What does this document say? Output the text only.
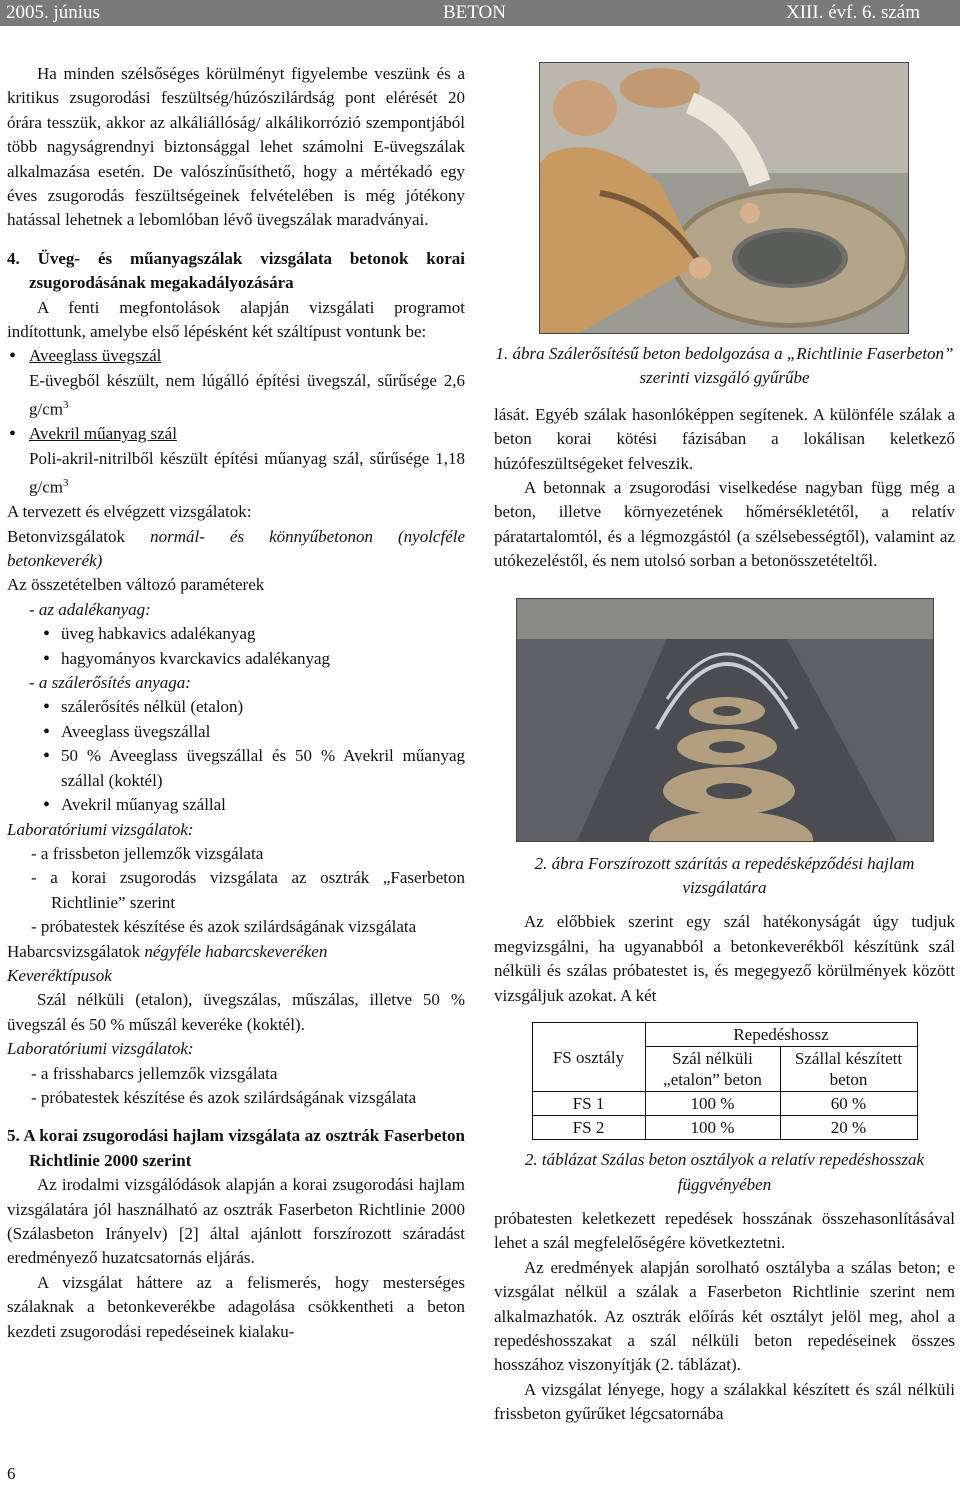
2005. június	BETON	XIII. évf. 6. szám

Ha minden szélsőséges körülményt figyelembe veszünk és a kritikus zsugorodási feszültség/húzószilárdság pont elérését 20 órára tesszük, akkor az alkáliállóság/ alkálikorrózió szempontjából több nagyságrendnyi biztonsággal lehet számolni E-üvegszálak alkalmazása esetén. De valószínűsíthető, hogy a mértékadó egy éves zsugorodás feszültségeinek felvételében is még jótékony hatással lehetnek a lebomlóban lévő üvegszálak maradványai.

4. Üveg- és műanyagszálak vizsgálata betonok korai zsugorodásának megakadályozására

A fenti megfontolások alapján vizsgálati programot indítottunk, amelybe első lépésként két száltípust vontunk be:

• Aveeglass üvegszál

E-üvegből készült, nem lúgálló építési üvegszál, sűrűsége 2,6 $g/cm^3$

• Avekril műanyag szál

Poli-akril-nitrilből készült építési műanyag szál, sűrűsége 1,18 $g/cm^3$

A tervezett és elvégzett vizsgálatok:

Betonvizsgálatok normál- és könnyűbetonon (nyolcféle betonkeverék)

Az összetételben változó paraméterek

- az adalékanyag:

• üveg habkavics adalékanyag

• hagyományos kvarckavics adalékanyag

- a szálerősítés anyaga:

• szálerősítés nélkül (etalon)

• Aveeglass üvegszállal

• 50 % Aveeglass üvegszállal és 50 % Avekril műanyag szállal (koktél)

• Avekril műanyag szállal

Laboratóriumi vizsgálatok:

- a frissbeton jellemzők vizsgálata

- a korai zsugorodás vizsgálata az osztrák „Faserbeton Richtlinie” szerint

- próbatestek készítése és azok szilárdságának vizsgálata

Habarcsvizsgálatok négyféle habarcskeveréken

Keveréktípusok

Szál nélküli (etalon), üvegszálas, műszálas, illetve 50 % üvegszál és 50 % műszál keveréke (koktél).

Laboratóriumi vizsgálatok:

- a frisshabarcs jellemzők vizsgálata

- próbatestek készítése és azok szilárdságának vizsgálata

5. A korai zsugorodási hajlam vizsgálata az osztrák Faserbeton Richtlinie 2000 szerint

Az irodalmi vizsgálódások alapján a korai zsugorodási hajlam vizsgálatára jól használható az osztrák Faserbeton Richtlinie 2000 (Szálasbeton Irányelv) [2] által ajánlott forszírozott száradást eredményező huzatcsatornás eljárás.

A vizsgálat háttere az a felismerés, hogy mesterséges szálaknak a betonkeverékbe adagolása csökkentheti a beton kezdeti zsugorodási repedéseinek kialaku-

1. ábra Szálerősítésű beton bedolgozása a „Richtlinie Faserbeton” szerinti vizsgáló gyűrűbe

lását. Egyéb szálak hasonlóképpen segítenek. A különféle szálak a beton korai kötési fázisában a lokálisan keletkező húzófeszültségeket felveszik.

A betonnak a zsugorodási viselkedése nagyban függ még a beton, illetve környezetének hőmérsékletétől, a relatív páratartalomtól, és a légmozgástól (a szélsebességtől), valamint az utókezeléstől, és nem utolsó sorban a betonösszetételtől.

2. ábra Forszírozott szárítás a repedésképződési hajlam vizsgálatára

Az előbbiek szerint egy szál hatékonyságát úgy tudjuk megvizsgálni, ha ugyanabból a betonkeverékből készítünk szál nélküli és szálas próbatestet is, és megegyező körülmények között vizsgáljuk azokat. A két

FS osztály	Repedéshossz	
	Szál nélküli „etalon” beton	Szállal készített beton
FS 1	100 %	60 %
FS 2	100 %	20 %

2. táblázat Szálas beton osztályok a relatív repedéshosszak függvényében

próbatesten keletkezett repedések hosszának összehasonlításával lehet a szál megfelelőségére következtetni.

Az eredmények alapján sorolható osztályba a szálas beton; e vizsgálat nélkül a szálak a Faserbeton Richtlinie szerint nem alkalmazhatók. Az osztrák előírás két osztályt jelöl meg, ahol a repedéshosszakat a szál nélküli beton repedéseinek összes hosszához viszonyítják (2. táblázat).

A vizsgálat lényege, hogy a szálakkal készített és szál nélküli frissbeton gyűrűket légcsatornába

6
